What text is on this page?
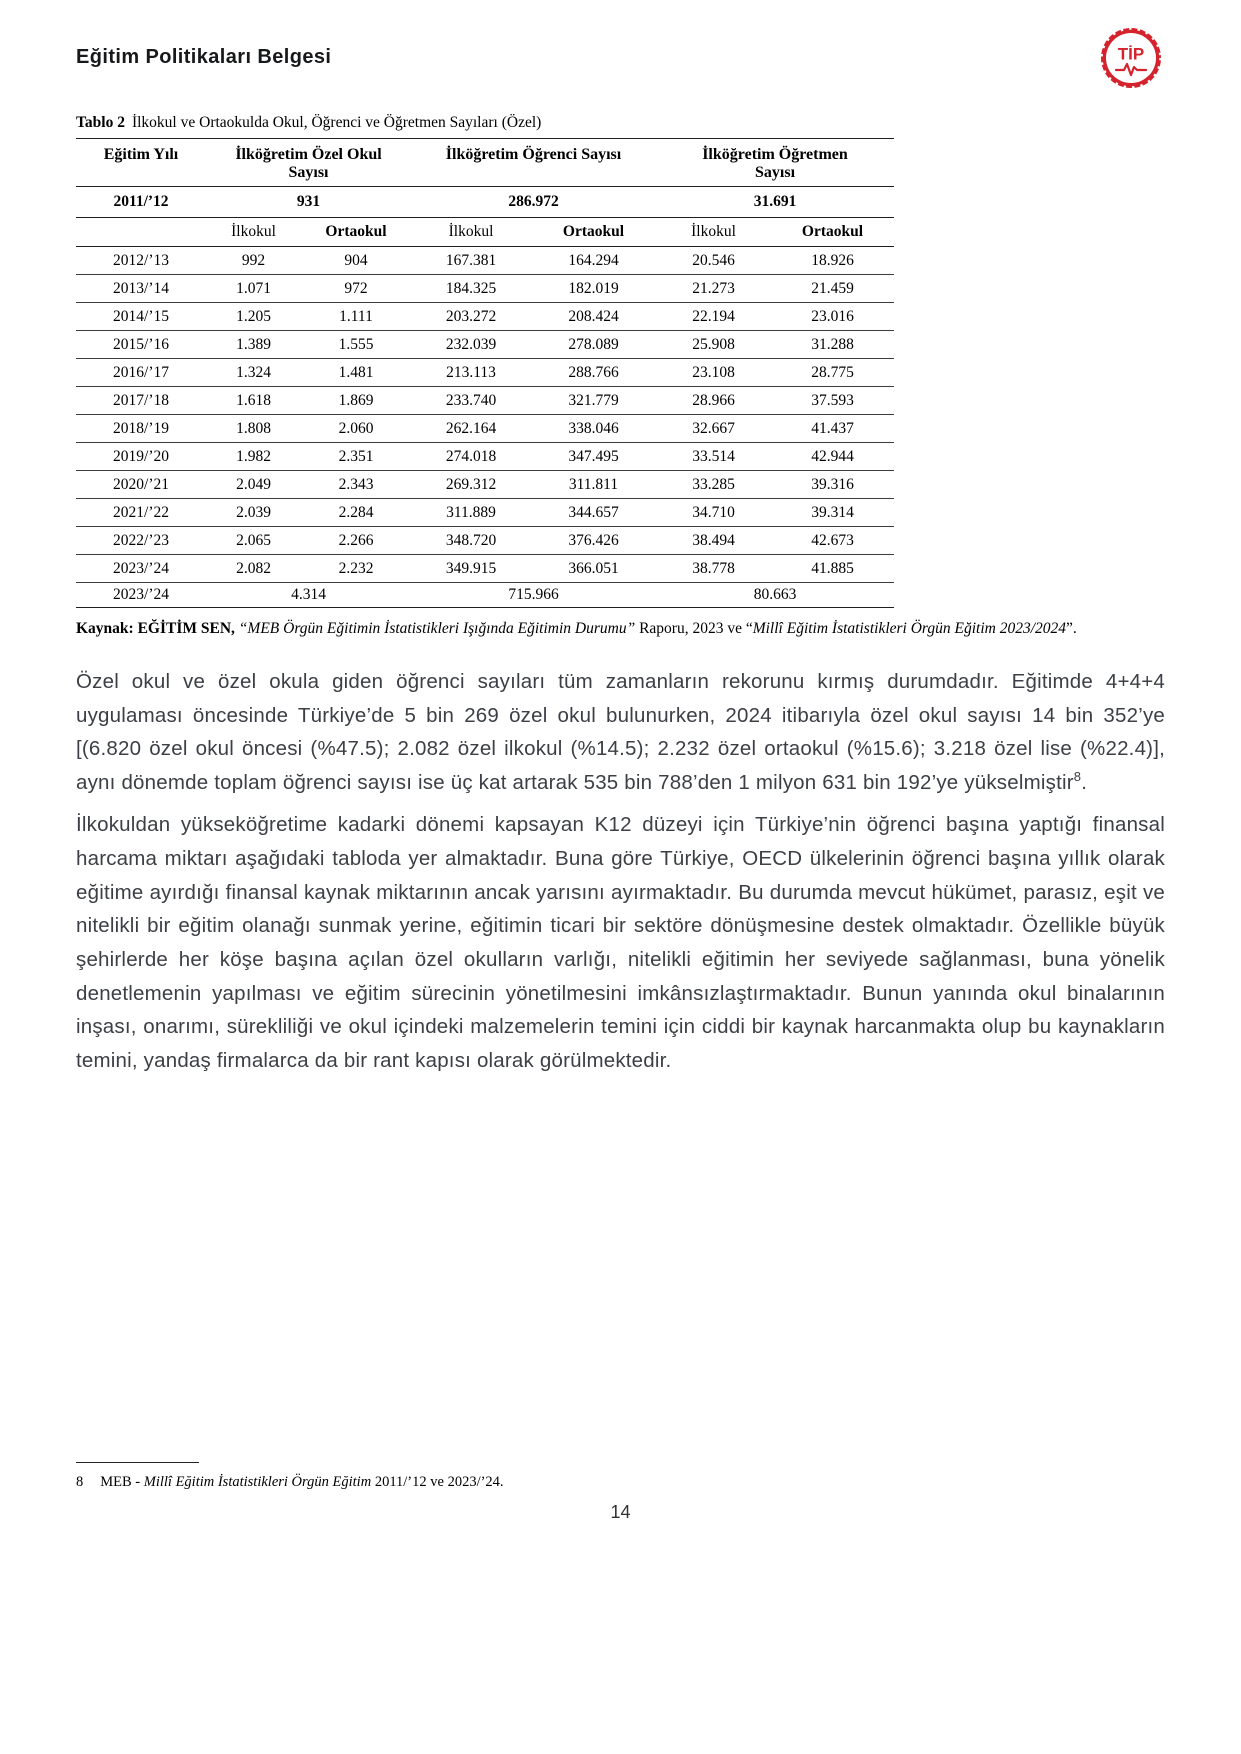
Eğitim Politikaları Belgesi	TİP

Tablo 2 İlkokul ve Ortaokulda Okul, Öğrenci ve Öğretmen Sayıları (Özel)

Eğitim Yılı	İlköğretim Özel Okul
Sayısı
	İlköğretim Öğrenci Sayısı	İlköğretim Öğretmen
Sayısı

2011/’12	931		286.972		31.691	
	İlkokul	Ortaokul	İlkokul	Ortaokul	İlkokul	Ortaokul
2012/’13	992	904	167.381	164.294	20.546	18.926
2013/’14	1.071	972	184.325	182.019	21.273	21.459
2014/’15	1.205	1.111	203.272	208.424	22.194	23.016
2015/’16	1.389	1.555	232.039	278.089	25.908	31.288
2016/’17	1.324	1.481	213.113	288.766	23.108	28.775
2017/’18	1.618	1.869	233.740	321.779	28.966	37.593
2018/’19	1.808	2.060	262.164	338.046	32.667	41.437
2019/’20	1.982	2.351	274.018	347.495	33.514	42.944
2020/’21	2.049	2.343	269.312	311.811	33.285	39.316
2021/’22	2.039	2.284	311.889	344.657	34.710	39.314
2022/’23	2.065	2.266	348.720	376.426	38.494	42.673
2023/’24	2.082	2.232	349.915	366.051	38.778	41.885
2023/’24	4.314		715.966		80.663	

Kaynak: EĞİTİM SEN, “MEB Örgün Eğitimin İstatistikleri Işığında Eğitimin Durumu” Raporu, 2023 ve “Millî Eğitim İstatistikleri Örgün Eğitim 2023/2024”.

Özel okul ve özel okula giden öğrenci sayıları tüm zamanların rekorunu kırmış durumdadır. Eğitimde 4+4+4 uygulaması öncesinde Türkiye’de 5 bin 269 özel okul bulunurken, 2024 itibarıyla özel okul sayısı 14 bin 352’ye [(6.820 özel okul öncesi (%47.5); 2.082 özel ilkokul (%14.5); 2.232 özel ortaokul (%15.6); 3.218 özel lise (%22.4)], aynı dönemde toplam öğrenci sayısı ise üç kat artarak 535 bin 788’den 1 milyon 631 bin 192’ye yükselmiştir$^8$.

İlkokuldan yükseköğretime kadarki dönemi kapsayan K12 düzeyi için Türkiye’nin öğrenci başına yaptığı finansal harcama miktarı aşağıdaki tabloda yer almaktadır. Buna göre Türkiye, OECD ülkelerinin öğrenci başına yıllık olarak eğitime ayırdığı finansal kaynak miktarının ancak yarısını ayırmaktadır. Bu durumda mevcut hükümet, parasız, eşit ve nitelikli bir eğitim olanağı sunmak yerine, eğitimin ticari bir sektöre dönüşmesine destek olmaktadır. Özellikle büyük şehirlerde her köşe başına açılan özel okulların varlığı, nitelikli eğitimin her seviyede sağlanması, buna yönelik denetlemenin yapılması ve eğitim sürecinin yönetilmesini imkânsızlaştırmaktadır. Bunun yanında okul binalarının inşası, onarımı, sürekliliği ve okul içindeki malzemelerin temini için ciddi bir kaynak harcanmakta olup bu kaynakların temini, yandaş firmalarca da bir rant kapısı olarak görülmektedir.

8 MEB - Millî Eğitim İstatistikleri Örgün Eğitim 2011/’12 ve 2023/’24.

14
